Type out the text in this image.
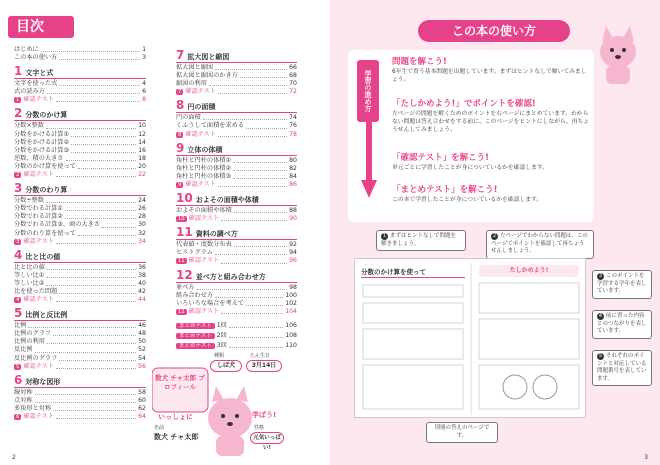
目次
はじめに	1
この本の使い方	3
1 文字と式
文字を使った式	4
式の読み方	6
1 確認テスト	8
2 分数のかけ算
分数×整数	10
分数をかける計算①	12
分数をかける計算②	14
分数をかける計算③	16
逆数、積の大きさ	18
分数のかけ算を使って	20
2 確認テスト	22
3 分数のわり算
分数÷整数	24
分数でわる計算①	26
分数でわる計算②	28
分数でわる計算③、商の大きさ	30
分数のわり算を使って	32
3 確認テスト	34
4 比と比の値
比と比の値	36
等しい比①	38
等しい比②	40
比を使った問題	42
4 確認テスト	44
5 比例と反比例
比例	46
比例のグラフ	48
比例の利用	50
反比例	52
反比例のグラフ	54
5 確認テスト	56
6 対称な図形
線対称	58
点対称	60
多角形と対称	62
6 確認テスト	64
7 拡大図と縮図
拡大図と縮図	66
拡大図と縮図のかき方	68
縮図の利用	70
7 確認テスト	72
8 円の面積
円の面積	74
くふうして面積を求める	76
8 確認テスト	78
9 立体の体積
角柱と円柱の体積①	80
角柱と円柱の体積②	82
角柱と円柱の体積③	84
9 確認テスト	86
10 およその面積や体積
およその面積や体積	88
10 確認テスト	90
11 資料の調べ方
代表値・度数分布表	92
ヒストグラム	94
11 確認テスト	96
12 並べ方と組み合わせ方
並べ方	98
組み合わせ方	100
いろいろな場合を考えて	102
12 確認テスト	104
まとめテスト 1回	106
まとめテスト 2回	108
まとめテスト 3回	110
数犬 チャ太郎 プロフィール
種類
しば犬
たん生日
3月14日
名前
数犬 チャ太郎
性格
元気いっぱい!
いっしょに	学ぼう!
2
この本の使い方
学習の進め方
問題を解こう!

6年生で習う基本問題を出題しています。まずはヒントなしで解いてみましょう。

「たしかめよう!」でポイントを確認!

左ページの問題を解くためのポイントを右ページにまとめています。わからない問題は答え合わせをする前に、このページをヒントにしながら、再ちょうせんしてみましょう。

「確認テスト」を解こう!

単元ごとに学習したことが身についているかを確認します。

「まとめテスト」を解こう!

この本で学習したことが身についているかを確認します。

1 まずはヒントなしで問題を解きましょう。
2 左ページでわからない問題は、このページでポイントを確認して再ちょうせんしましょう。
分数のかけ算を使って	たしかめよう!
3 このポイントを学習する学年を表しています。
4 前に習った内容とのつながりを表しています。
5 それぞれのポイントと対応している問題番号を表しています。
別冊の答えのページです。
3
